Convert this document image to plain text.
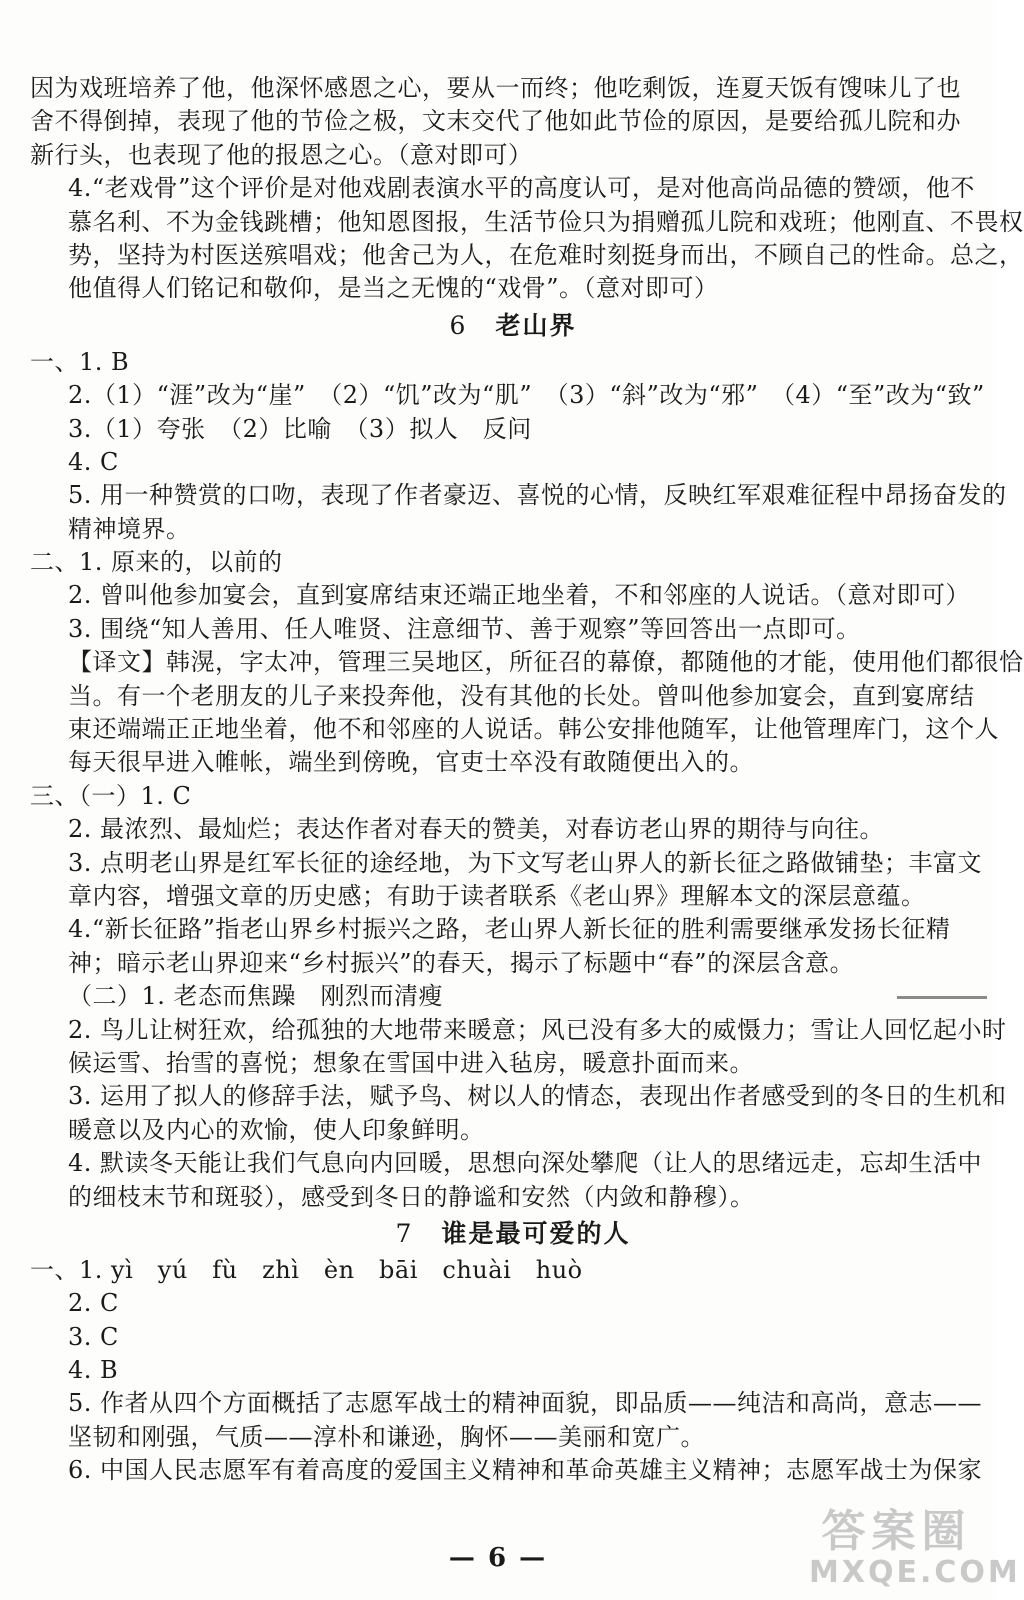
因为戏班培养了他，他深怀感恩之心，要从一而终；他吃剩饭，连夏天饭有馊味儿了也
舍不得倒掉，表现了他的节俭之极，文末交代了他如此节俭的原因，是要给孤儿院和办
新行头，也表现了他的报恩之心。（意对即可）
4.“老戏骨”这个评价是对他戏剧表演水平的高度认可，是对他高尚品德的赞颂，他不
慕名利、不为金钱跳槽；他知恩图报，生活节俭只为捐赠孤儿院和戏班；他刚直、不畏权
势，坚持为村医送殡唱戏；他舍己为人，在危难时刻挺身而出，不顾自己的性命。总之，
他值得人们铭记和敬仰，是当之无愧的“戏骨”。（意对即可）
6 老山界
一、1. B
2.（1）“涯”改为“崖”　（2）“饥”改为“肌”　（3）“斜”改为“邪”　（4）“至”改为“致”
3.（1）夸张　（2）比喻　（3）拟人　反问
4. C
5. 用一种赞赏的口吻，表现了作者豪迈、喜悦的心情，反映红军艰难征程中昂扬奋发的
精神境界。
二、1. 原来的，以前的
2. 曾叫他参加宴会，直到宴席结束还端正地坐着，不和邻座的人说话。（意对即可）
3. 围绕“知人善用、任人唯贤、注意细节、善于观察”等回答出一点即可。
【译文】韩滉，字太冲，管理三吴地区，所征召的幕僚，都随他的才能，使用他们都很恰
当。有一个老朋友的儿子来投奔他，没有其他的长处。曾叫他参加宴会，直到宴席结
束还端端正正地坐着，他不和邻座的人说话。韩公安排他随军，让他管理库门，这个人
每天很早进入帷帐，端坐到傍晚，官吏士卒没有敢随便出入的。
三、（一）1. C
2. 最浓烈、最灿烂；表达作者对春天的赞美，对春访老山界的期待与向往。
3. 点明老山界是红军长征的途经地，为下文写老山界人的新长征之路做铺垫；丰富文
章内容，增强文章的历史感；有助于读者联系《老山界》理解本文的深层意蕴。
4.“新长征路”指老山界乡村振兴之路，老山界人新长征的胜利需要继承发扬长征精
神；暗示老山界迎来“乡村振兴”的春天，揭示了标题中“春”的深层含意。
（二）1. 老态而焦躁　刚烈而清瘦
2. 鸟儿让树狂欢，给孤独的大地带来暖意；风已没有多大的威慑力；雪让人回忆起小时
候运雪、抬雪的喜悦；想象在雪国中进入毡房，暖意扑面而来。
3. 运用了拟人的修辞手法，赋予鸟、树以人的情态，表现出作者感受到的冬日的生机和
暖意以及内心的欢愉，使人印象鲜明。
4. 默读冬天能让我们气息向内回暖，思想向深处攀爬（让人的思绪远走，忘却生活中
的细枝末节和斑驳），感受到冬日的静谧和安然（内敛和静穆）。
7 谁是最可爱的人
一、1. yì　yú　fù　zhì　èn　bāi　chuài　huò
2. C
3. C
4. B
5. 作者从四个方面概括了志愿军战士的精神面貌，即品质——纯洁和高尚，意志——
坚韧和刚强，气质——淳朴和谦逊，胸怀——美丽和宽广。
6. 中国人民志愿军有着高度的爱国主义精神和革命英雄主义精神；志愿军战士为保家
— 6 —
答案圈
MXQE.COM
